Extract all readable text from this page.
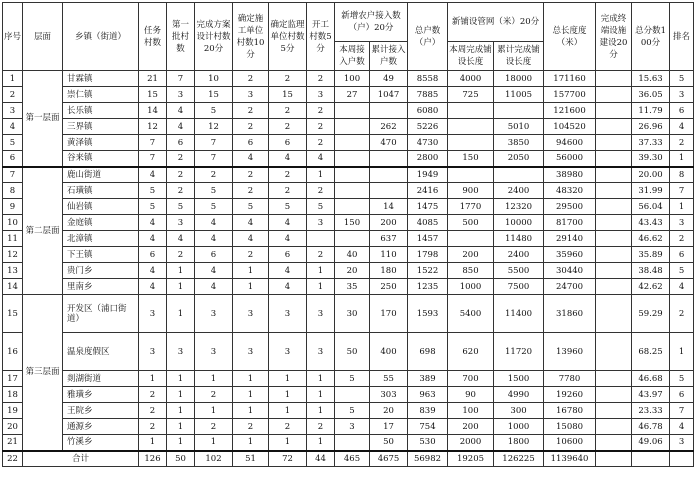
序号	层面	乡镇（街道）	任务村数	第一批村数	完成方案设计村数20分	确定施工单位村数10分	确定监理单位村数5分	开工村数5分	新增农户接入数（户）20分		总户数（户）	新铺设管网（米）20分		总长度度（米）	完成终端设施建设20分	总分数100分	排名
									本周接入户数	累计接入户数		本周完成铺设长度	累计完成铺设长度				
1	第一层面	甘霖镇	21	7	10	2	2	2	100	49	8558	4000	18000	171160		15.63	5
2		崇仁镇	15	3	15	3	15	3	27	1047	7885	725	11005	157700		36.05	3
3		长乐镇	14	4	5	2	2	2			6080			121600		11.79	6
4		三界镇	12	4	12	2	2	2		262	5226		5010	104520		26.96	4
5		黄泽镇	7	6	7	6	6	2		470	4730		3850	94600		37.33	2
6		谷来镇	7	2	7	4	4	4			2800	150	2050	56000		39.30	1
7	第二层面	鹿山街道	4	2	2	2	2	1			1949			38980		20.00	8
8		石璜镇	5	2	5	2	2	2			2416	900	2400	48320		31.99	7
9		仙岩镇	5	5	5	5	5	5		14	1475	1770	12320	29500		56.04	1
10		金庭镇	4	3	4	4	4	3	150	200	4085	500	10000	81700		43.43	3
11		北漳镇	4	4	4	4	4			637	1457		11480	29140		46.62	2
12		下王镇	6	2	6	2	6	2	40	110	1798	200	2400	35960		35.89	6
13		贵门乡	4	1	4	1	4	1	20	180	1522	850	5500	30440		38.48	5
14		里南乡	4	1	4	1	4	1	35	250	1235	1000	7500	24700		42.62	4
15	第三层面	开发区（浦口街道）	3	1	3	3	3	3	30	170	1593	5400	11400	31860		59.29	2
16		温泉度假区	3	3	3	3	3	3	50	400	698	620	11720	13960		68.25	1
17		剡湖街道	1	1	1	1	1	1	5	55	389	700	1500	7780		46.68	5
18		雅璜乡	2	1	2	1	1	1		303	963	90	4990	19260		43.97	6
19		王院乡	2	1	1	1	1	1	5	20	839	100	300	16780		23.33	7
20		通源乡	2	1	2	2	2	2	3	17	754	200	1000	15080		46.78	4
21		竹溪乡	1	1	1	1	1	1		50	530	2000	1800	10600		49.06	3
22	合计		126	50	102	51	72	44	465	4675	56982	19205	126225	1139640			
